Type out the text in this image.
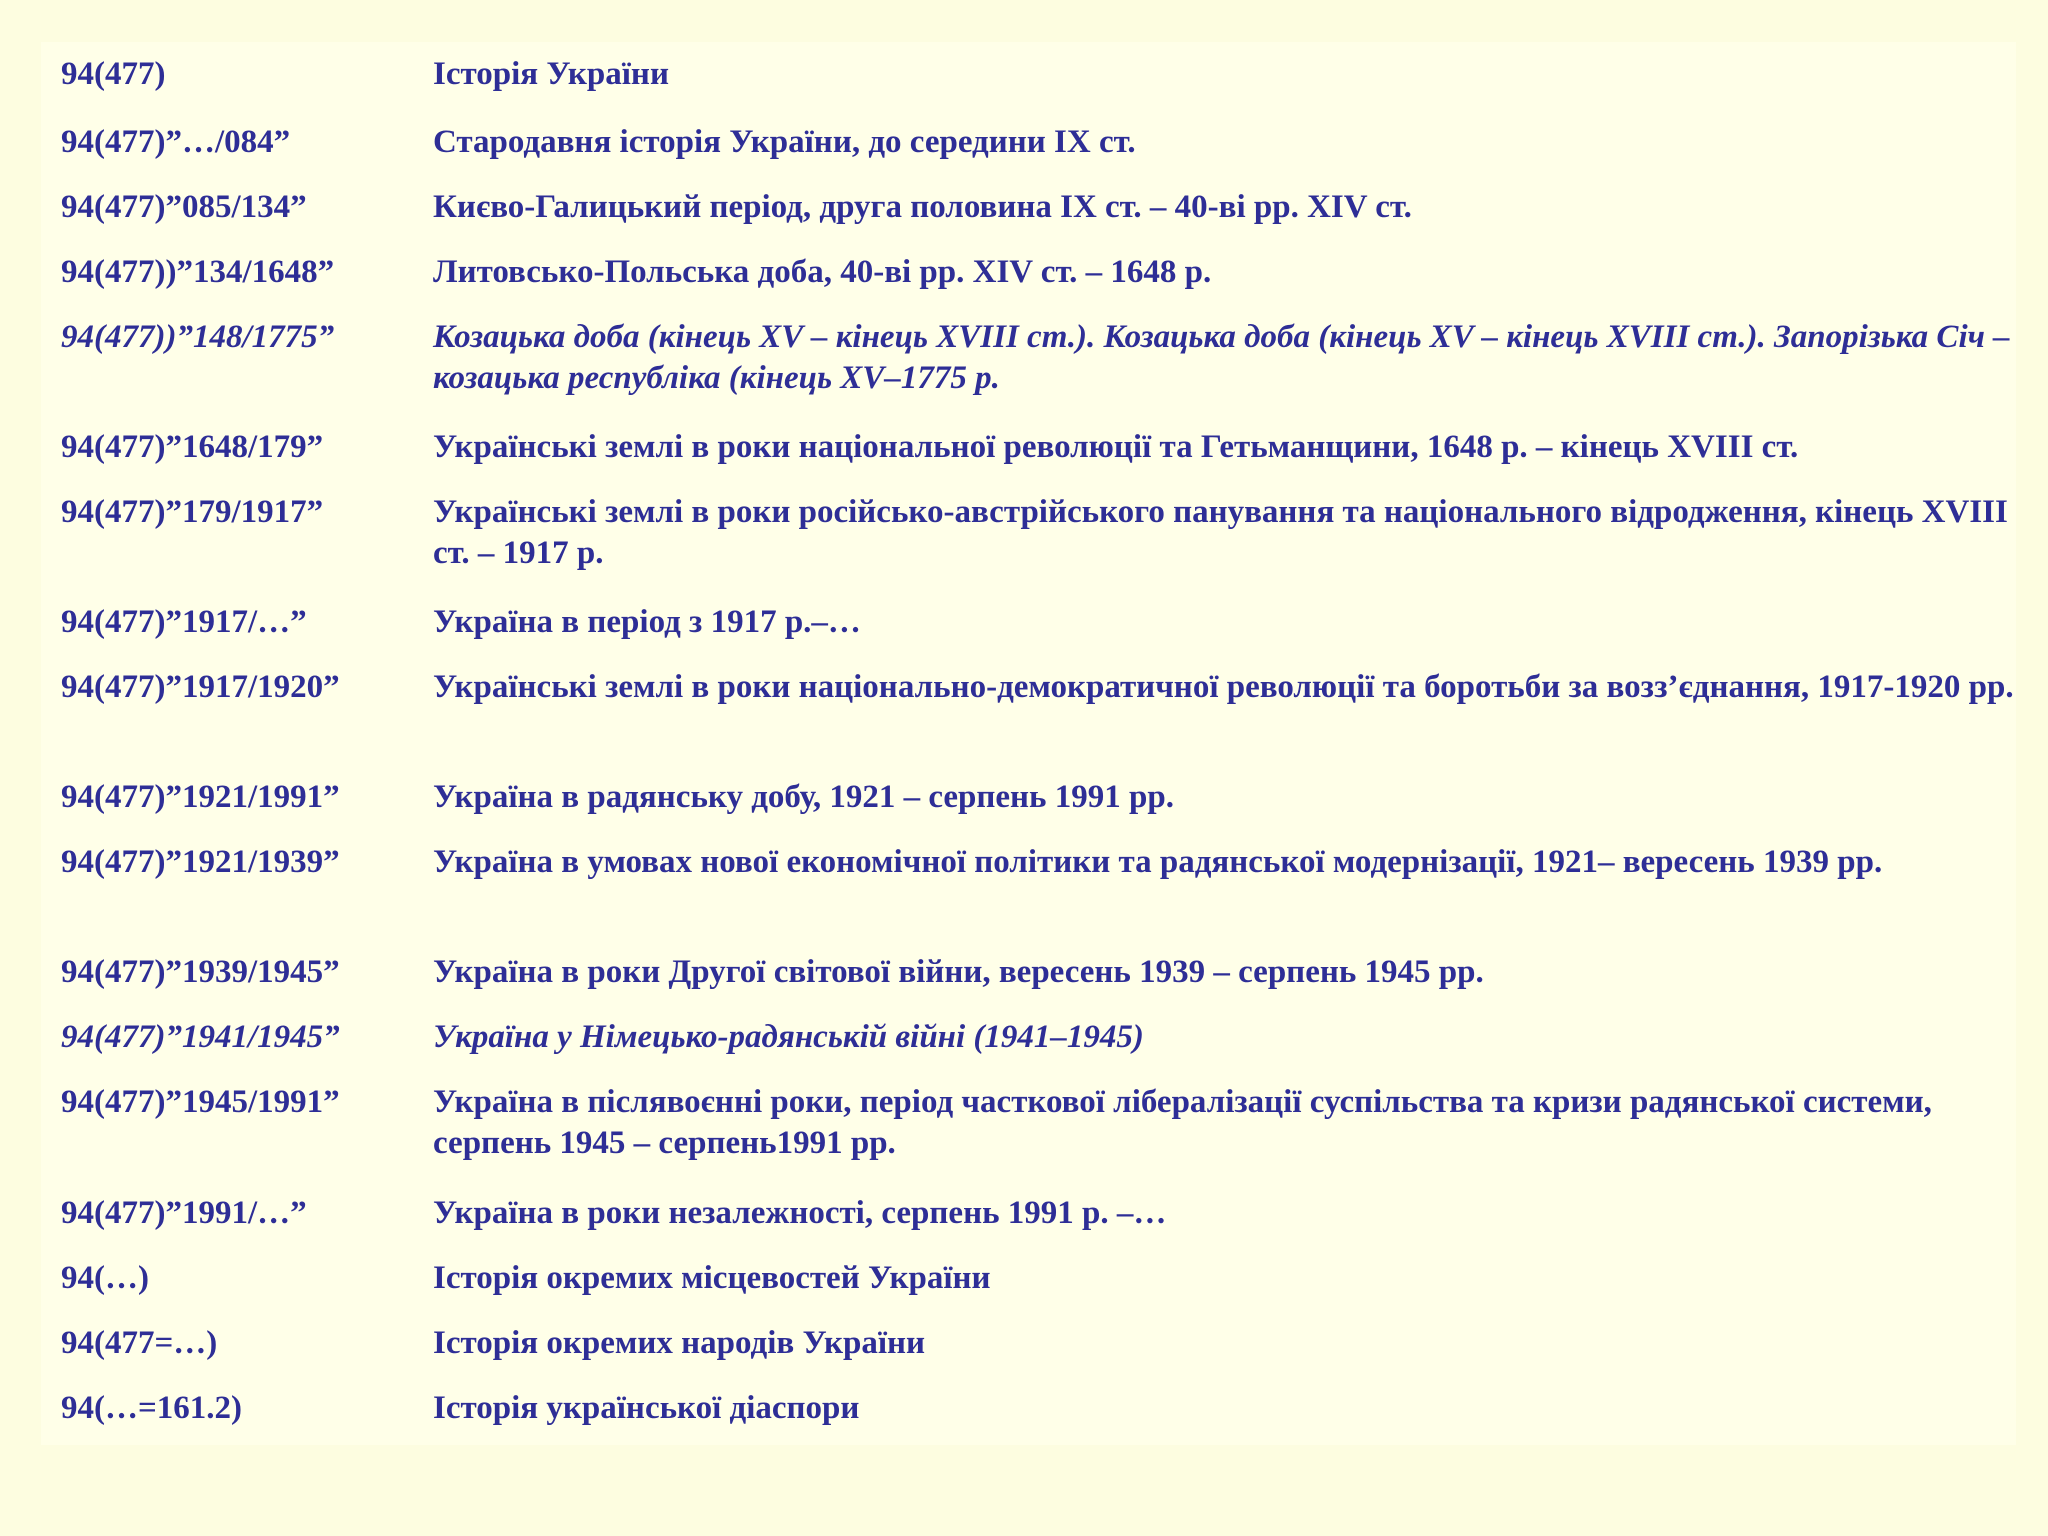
94(477)	Історія України
94(477)”…/084”	Стародавня історія України, до середини IX ст.
94(477)”085/134”	Києво-Галицький період, друга половина IX ст. – 40-ві рр. XIV ст.
94(477))”134/1648”	Литовсько-Польська доба, 40-ві рр. XIV ст. – 1648 р.
94(477))”148/1775”	Козацька доба (кінець XV – кінець XVIII ст.). Козацька доба (кінець XV – кінець XVIII ст.). Запорізька Січ – козацька республіка (кінець XV–1775 р.
94(477)”1648/179”	Українські землі в роки національної революції та Гетьманщини, 1648 р. – кінець XVIII ст.
94(477)”179/1917”	Українські землі в роки російсько-австрійського панування та національного відродження, кінець XVIII ст. – 1917 р.
94(477)”1917/…”	Україна в період з 1917 р.–…
94(477)”1917/1920”	Українські землі в роки національно-демократичної революції та боротьби за возз’єднання, 1917-1920 рр.
94(477)”1921/1991”	Україна в радянську добу, 1921 – серпень 1991 рр.
94(477)”1921/1939”	Україна в умовах нової економічної політики та радянської модернізації, 1921– вересень 1939 рр.
94(477)”1939/1945”	Україна в роки Другої світової війни, вересень 1939 – серпень 1945 рр.
94(477)”1941/1945”	Україна у Німецько-радянській війні (1941–1945)
94(477)”1945/1991”	Україна в післявоєнні роки, період часткової лібералізації суспільства та кризи радянської системи, серпень 1945 – серпень1991 рр.
94(477)”1991/…”	Україна в роки незалежності, серпень 1991 р. –…
94(…)	Історія окремих місцевостей України
94(477=…)	Історія окремих народів України
94(…=161.2)	Історія української діаспори
